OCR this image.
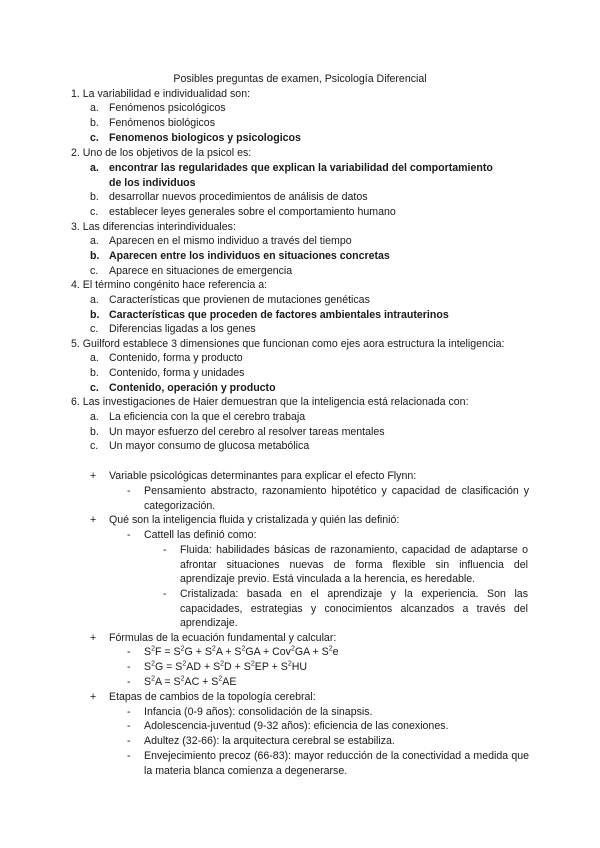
Posibles preguntas de examen, Psicología Diferencial
1. La variabilidad e individualidad son:
a. Fenómenos psicológicos
b. Fenómenos biológicos
c. Fenomenos biologicos y psicologicos
2. Uno de los objetivos de la psicol es:
a. encontrar las regularidades que explican la variabilidad del comportamiento de los individuos
b. desarrollar nuevos procedimientos de análisis de datos
c.	establecer leyes generales sobre el comportamiento humano
3. Las diferencias interindividuales:
a. Aparecen en el mismo individuo a través del tiempo
b. Aparecen entre los individuos en situaciones concretas
c.	Aparece en situaciones de emergencia
4. El término congénito hace referencia a:
a. Características que provienen de mutaciones genéticas
b. Características que proceden de factores ambientales intrauterinos
c.	Diferencias ligadas a los genes
5. Guilford establece 3 dimensiones que funcionan como ejes aora estructura la inteligencia:
a. Contenido, forma y producto
b. Contenido, forma y unidades
c. Contenido, operación y producto
6. Las investigaciones de Haier demuestran que la inteligencia está relacionada con:
a. La eficiencia con la que el cerebro trabaja
b. Un mayor esfuerzo del cerebro al resolver tareas mentales
c.	Un mayor consumo de glucosa metabólica
+ Variable psicológicas determinantes para explicar el efecto Flynn:
- Pensamiento abstracto, razonamiento hipotético y capacidad de clasificación y categorización.
+ Qué son la inteligencia fluida y cristalizada y quién las definió:
- Cattell las definió como:
- Fluida: habilidades básicas de razonamiento, capacidad de adaptarse o afrontar situaciones nuevas de forma flexible sin influencia del aprendizaje previo. Está vinculada a la herencia, es heredable.
- Cristalizada: basada en el aprendizaje y la experiencia. Son las capacidades, estrategias y conocimientos alcanzados a través del aprendizaje.
+ Fórmulas de la ecuación fundamental y calcular:
- $S^2F = S^2G + S^2A + S^2GA + Cov^2GA + S^2e$
- $S^2G = S^2AD + S^2D + S^2EP + S^2HU$
- $S^2A = S^2AC + S^2AE$
+ Etapas de cambios de la topología cerebral:
- Infancia (0-9 años): consolidación de la sinapsis.
- Adolescencia-juventud (9-32 años): eficiencia de las conexiones.
- Adultez (32-66): la arquitectura cerebral se estabiliza.
- Envejecimiento precoz (66-83): mayor reducción de la conectividad a medida que la materia blanca comienza a degenerarse.
